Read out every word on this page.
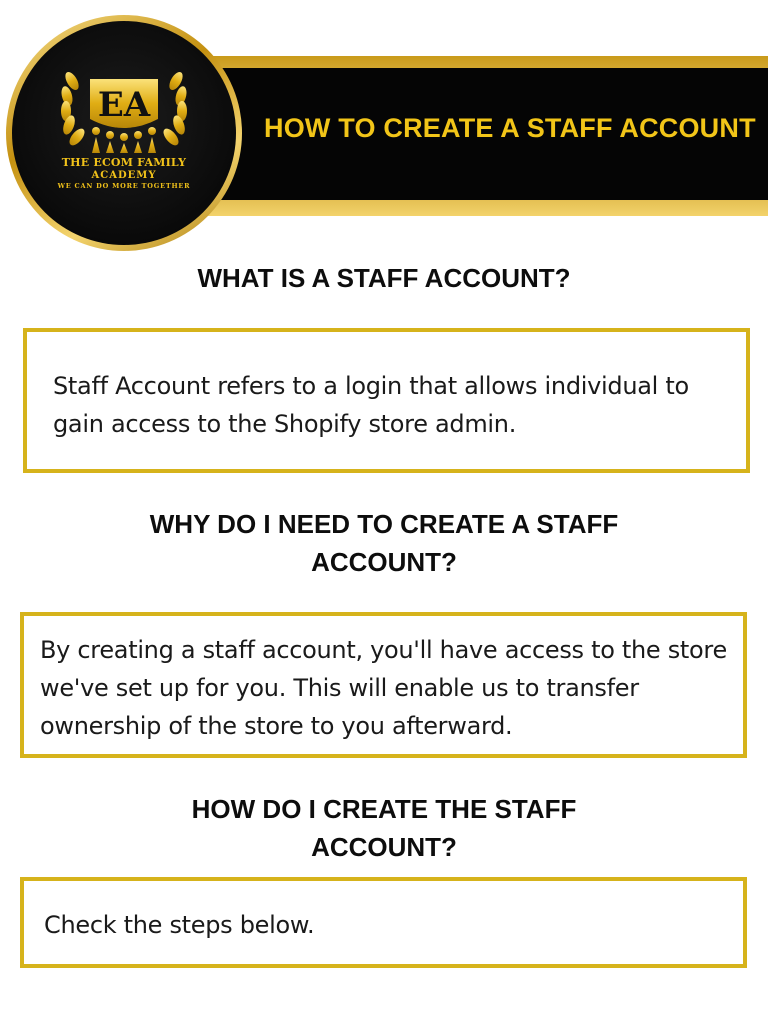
HOW TO CREATE A STAFF ACCOUNT
EA
THE ECOM FAMILY
ACADEMY
WE CAN DO MORE TOGETHER
WHAT IS A STAFF ACCOUNT?
Staff Account refers to a login that allows individual to
gain access to the Shopify store admin.
WHY DO I NEED TO CREATE A STAFF
ACCOUNT?
By creating a staff account, you'll have access to the store
we've set up for you. This will enable us to transfer
ownership of the store to you afterward.
HOW DO I CREATE THE STAFF
ACCOUNT?
Check the steps below.
